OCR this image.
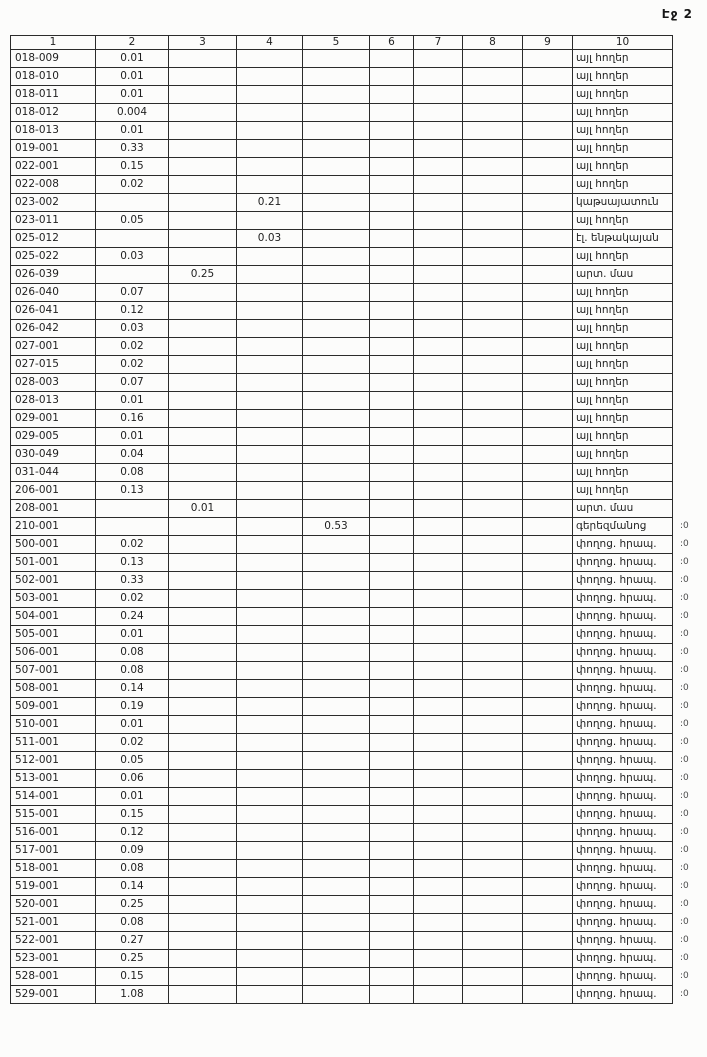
Էջ 2
1	2	3	4	5	6	7	8	9	10	
018-009	0.01								այլ հողեր	
018-010	0.01								այլ հողեր	
018-011	0.01								այլ հողեր	
018-012	0.004								այլ հողեր	
018-013	0.01								այլ հողեր	
019-001	0.33								այլ հողեր	
022-001	0.15								այլ հողեր	
022-008	0.02								այլ հողեր	
023-002			0.21						կաթսայատուն	
023-011	0.05								այլ հողեր	
025-012			0.03						էլ. ենթակայան	
025-022	0.03								այլ հողեր	
026-039		0.25							արտ. մաս	
026-040	0.07								այլ հողեր	
026-041	0.12								այլ հողեր	
026-042	0.03								այլ հողեր	
027-001	0.02								այլ հողեր	
027-015	0.02								այլ հողեր	
028-003	0.07								այլ հողեր	
028-013	0.01								այլ հողեր	
029-001	0.16								այլ հողեր	
029-005	0.01								այլ հողեր	
030-049	0.04								այլ հողեր	
031-044	0.08								այլ հողեր	
206-001	0.13								այլ հողեր	
208-001		0.01							արտ. մաս	
210-001				0.53					գերեզմանոց	:0
500-001	0.02								փողոց. հրապ.	:0
501-001	0.13								փողոց. հրապ.	:0
502-001	0.33								փողոց. հրապ.	:0
503-001	0.02								փողոց. հրապ.	:0
504-001	0.24								փողոց. հրապ.	:0
505-001	0.01								փողոց. հրապ.	:0
506-001	0.08								փողոց. հրապ.	:0
507-001	0.08								փողոց. հրապ.	:0
508-001	0.14								փողոց. հրապ.	:0
509-001	0.19								փողոց. հրապ.	:0
510-001	0.01								փողոց. հրապ.	:0
511-001	0.02								փողոց. հրապ.	:0
512-001	0.05								փողոց. հրապ.	:0
513-001	0.06								փողոց. հրապ.	:0
514-001	0.01								փողոց. հրապ.	:0
515-001	0.15								փողոց. հրապ.	:0
516-001	0.12								փողոց. հրապ.	:0
517-001	0.09								փողոց. հրապ.	:0
518-001	0.08								փողոց. հրապ.	:0
519-001	0.14								փողոց. հրապ.	:0
520-001	0.25								փողոց. հրապ.	:0
521-001	0.08								փողոց. հրապ.	:0
522-001	0.27								փողոց. հրապ.	:0
523-001	0.25								փողոց. հրապ.	:0
528-001	0.15								փողոց. հրապ.	:0
529-001	1.08								փողոց. հրապ.	:0
